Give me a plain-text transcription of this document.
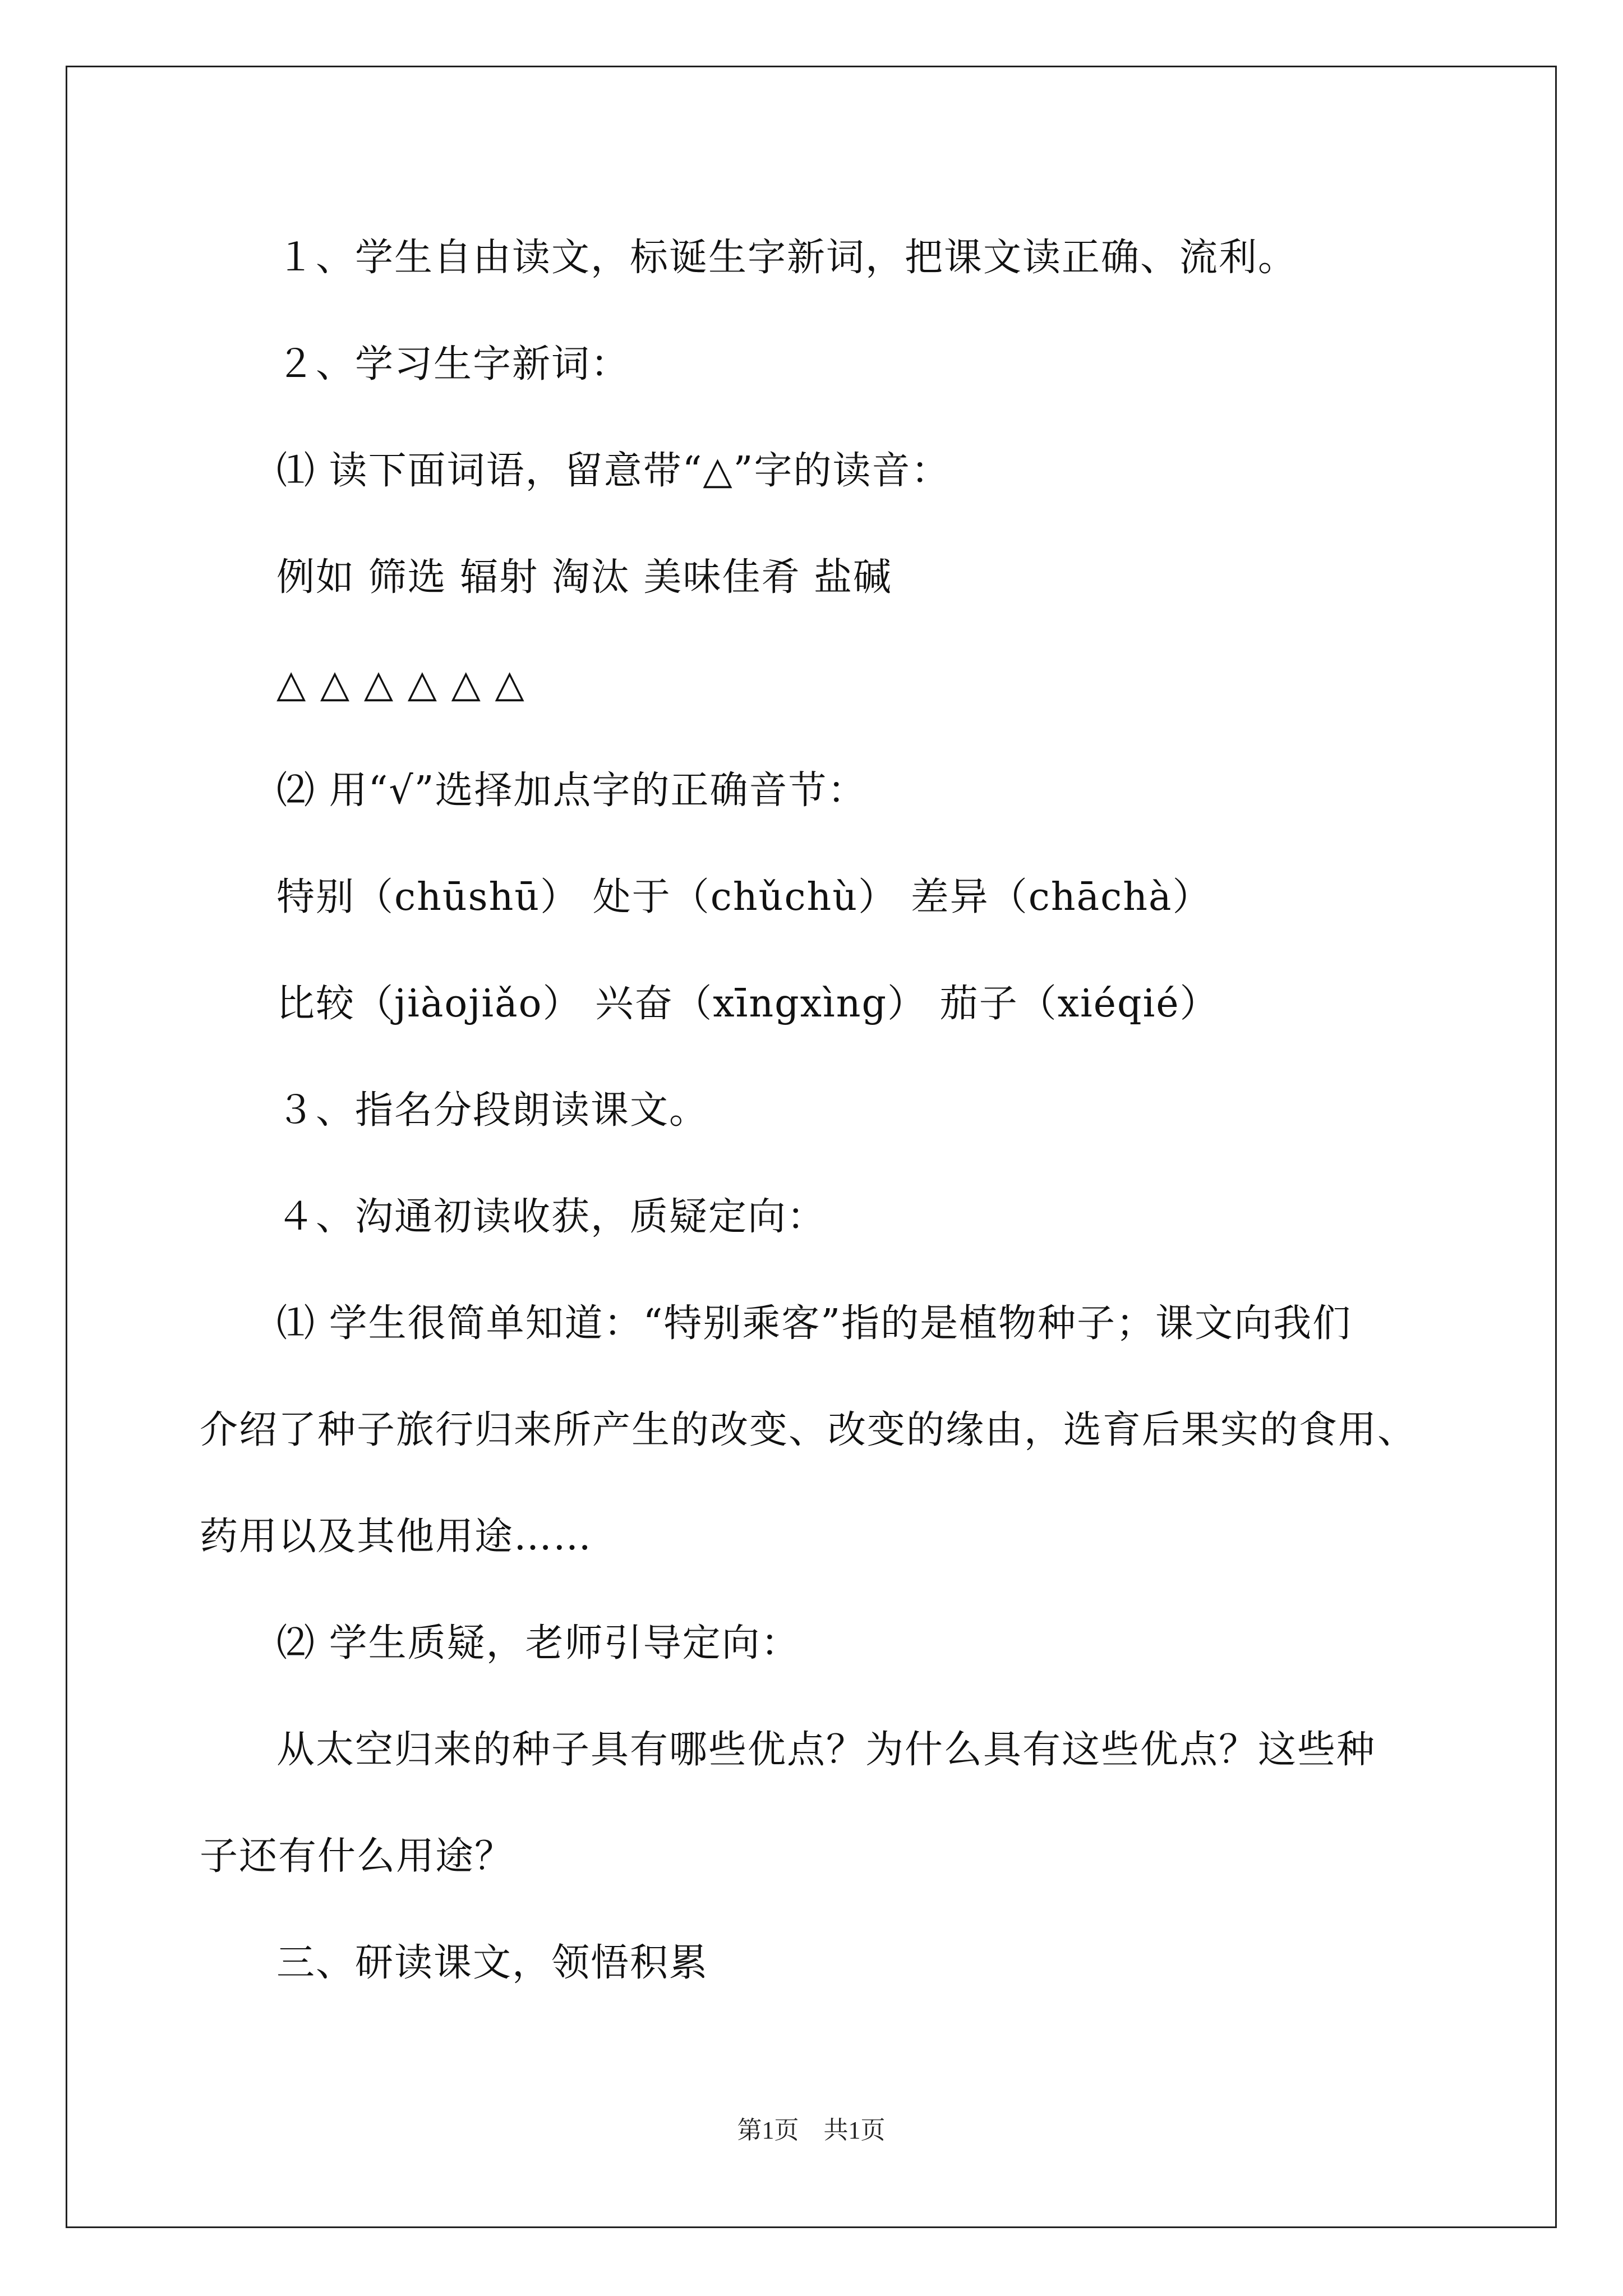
１、学生自由读文，标诞生字新词，把课文读正确、流利。

２、学习生字新词：

⑴ 读下面词语，留意带“△”字的读音：

例如 筛选 辐射 淘汰 美味佳肴 盐碱

△ △ △ △ △ △

⑵ 用“√”选择加点字的正确音节：

特别（chūshū） 处于（chǔchù） 差异（chāchà）

比较（jiàojiǎo） 兴奋（xīngxìng） 茄子（xiéqié）

３、指名分段朗读课文。

４、沟通初读收获，质疑定向：

⑴ 学生很简单知道：“特别乘客”指的是植物种子；课文向我们

介绍了种子旅行归来所产生的改变、改变的缘由，选育后果实的食用、

药用以及其他用途……

⑵ 学生质疑，老师引导定向：

从太空归来的种子具有哪些优点？为什么具有这些优点？这些种

子还有什么用途？

三、研读课文，领悟积累

第1页　共1页
